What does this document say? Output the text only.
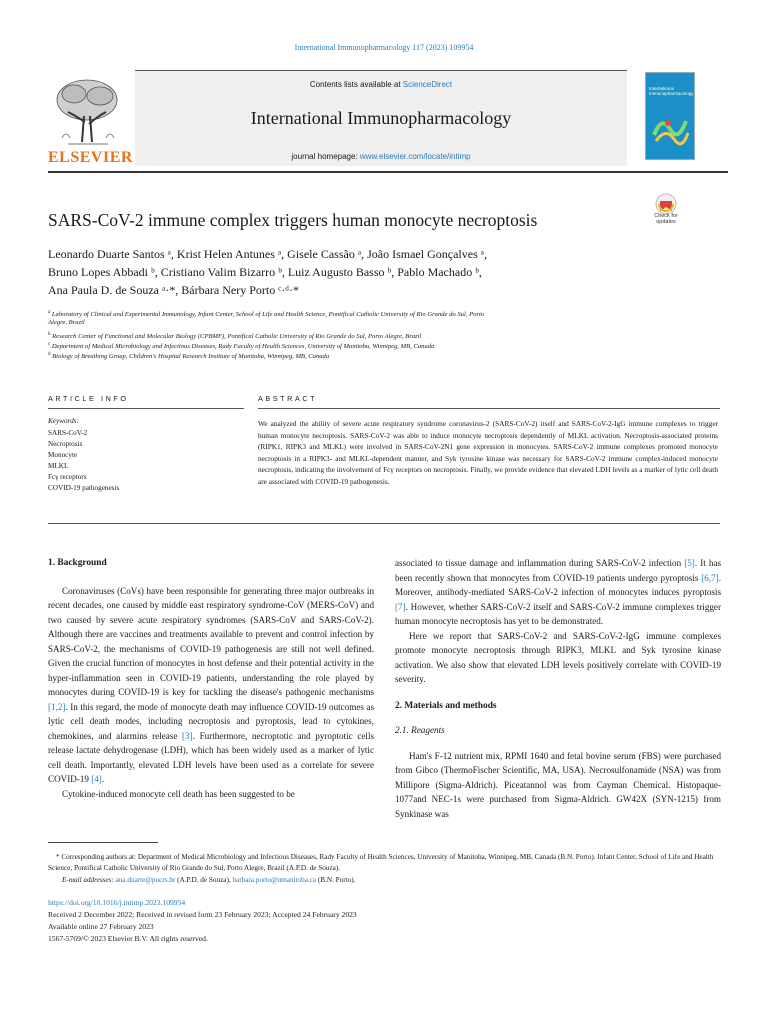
International Immunopharmacology 117 (2023) 109954
Contents lists available at ScienceDirect
International Immunopharmacology
journal homepage: www.elsevier.com/locate/intimp
ELSEVIER
International Immunopharmacology
SARS-CoV-2 immune complex triggers human monocyte necroptosis	Check for
updates
Leonardo Duarte Santos ᵃ, Krist Helen Antunes ᵃ, Gisele Cassão ᵃ, João Ismael Gonçalves ᵃ,
Bruno Lopes Abbadi ᵇ, Cristiano Valim Bizarro ᵇ, Luiz Augusto Basso ᵇ, Pablo Machado ᵇ,
Ana Paula D. de Souza ᵃ·*, Bárbara Nery Porto ᶜ·ᵈ·*
$^a$ Laboratory of Clinical and Experimental Immunology, Infant Center, School of Life and Health Science, Pontifical Catholic University of Rio Grande do Sul, Porto
Alegre, Brazil
$^b$ Research Center of Functional and Molecular Biology (CPBMF), Pontifical Catholic University of Rio Grande do Sul, Porto Alegre, Brazil
$^c$ Department of Medical Microbiology and Infectious Diseases, Rady Faculty of Health Sciences, University of Manitoba, Winnipeg, MB, Canada
$^d$ Biology of Breathing Group, Children's Hospital Research Institute of Manitoba, Winnipeg, MB, Canada
ARTICLE INFO	ABSTRACT
Keywords:
SARS-CoV-2
Necroptosis
Monocyte
MLKL
Fcγ receptors
COVID-19 pathogenesis
We analyzed the ability of severe acute respiratory syndrome coronavirus-2 (SARS-CoV-2) itself and SARS-CoV-2-IgG immune complexes to trigger human monocyte necroptosis. SARS-CoV-2 was able to induce monocyte necroptosis dependently of MLKL activation. Necroptosis-associated proteins (RIPK1, RIPK3 and MLKL) were involved in SARS-CoV-2N1 gene expression in monocytes. SARS-CoV-2 immune complexes promoted monocyte necroptosis in a RIPK3- and MLKL-dependent manner, and Syk tyrosine kinase was necessary for SARS-CoV-2 immune complex-induced monocyte necroptosis, indicating the involvement of Fcγ receptors on necroptosis. Finally, we provide evidence that elevated LDH levels as a marker of lytic cell death are associated with COVID-19 pathogenesis.
1. Background

Coronaviruses (CoVs) have been responsible for generating three major outbreaks in recent decades, one caused by middle east respiratory syndrome-CoV (MERS-CoV) and two caused by severe acute respiratory syndromes (SARS-CoV and SARS-CoV-2). Although there are vaccines and treatments available to prevent and control infection by SARS-CoV-2, the mechanisms of COVID-19 pathogenesis are still not well defined. Given the crucial function of monocytes in host defense and their potential activity in the hyper-inflammation seen in COVID-19 patients, understanding the role played by monocytes during COVID-19 is key for tackling the disease's pathogenic mechanisms [1,2]. In this regard, the mode of monocyte death may influence COVID-19 outcomes as lytic cell death modes, including necroptosis and pyroptosis, lead to cytokines, chemokines, and alarmins release [3]. Furthermore, necroptotic and pyroptotic cells release lactate dehydrogenase (LDH), which has been widely used as a marker of lytic cell death. Importantly, elevated LDH levels have been used as a correlate for severe COVID-19 [4].

Cytokine-induced monocyte cell death has been suggested to be

associated to tissue damage and inflammation during SARS-CoV-2 infection [5]. It has been recently shown that monocytes from COVID-19 patients undergo pyroptosis [6,7]. Moreover, antibody-mediated SARS-CoV-2 infection of monocytes induces pyroptosis [7]. However, whether SARS-CoV-2 itself and SARS-CoV-2 immune complexes trigger human monocyte necroptosis has yet to be demonstrated.

Here we report that SARS-CoV-2 and SARS-CoV-2-IgG immune complexes promote monocyte necroptosis through RIPK3, MLKL and Syk tyrosine kinase activation. We also show that elevated LDH levels positively correlate with COVID-19 severity.

2. Materials and methods
2.1. Reagents

Ham's F-12 nutrient mix, RPMI 1640 and fetal bovine serum (FBS) were purchased from Gibco (ThermoFischer Scientific, MA, USA). Necrosulfonamide (NSA) was from Millipore (Sigma-Aldrich). Piceatannol was from Cayman Chemical. Histopaque-1077and NEC-1s were purchased from Sigma-Aldrich. GW42X (SYN-1215) from Synkinase was

* Corresponding authors at: Department of Medical Microbiology and Infectious Diseases, Rady Faculty of Health Sciences, University of Manitoba, Winnipeg, MB, Canada (B.N. Porto). Infant Center, School of Life and Health Science, Pontifical Catholic University of Rio Grande do Sul, Porto Alegre, Brazil (A.P.D. de Souza).
E-mail addresses: ana.duarte@pucrs.br (A.P.D. de Souza), barbara.porto@umanitoba.ca (B.N. Porto).
https://doi.org/10.1016/j.intimp.2023.109954
Received 2 December 2022; Received in revised form 23 February 2023; Accepted 24 February 2023
Available online 27 February 2023
1567-5769/© 2023 Elsevier B.V. All rights reserved.
